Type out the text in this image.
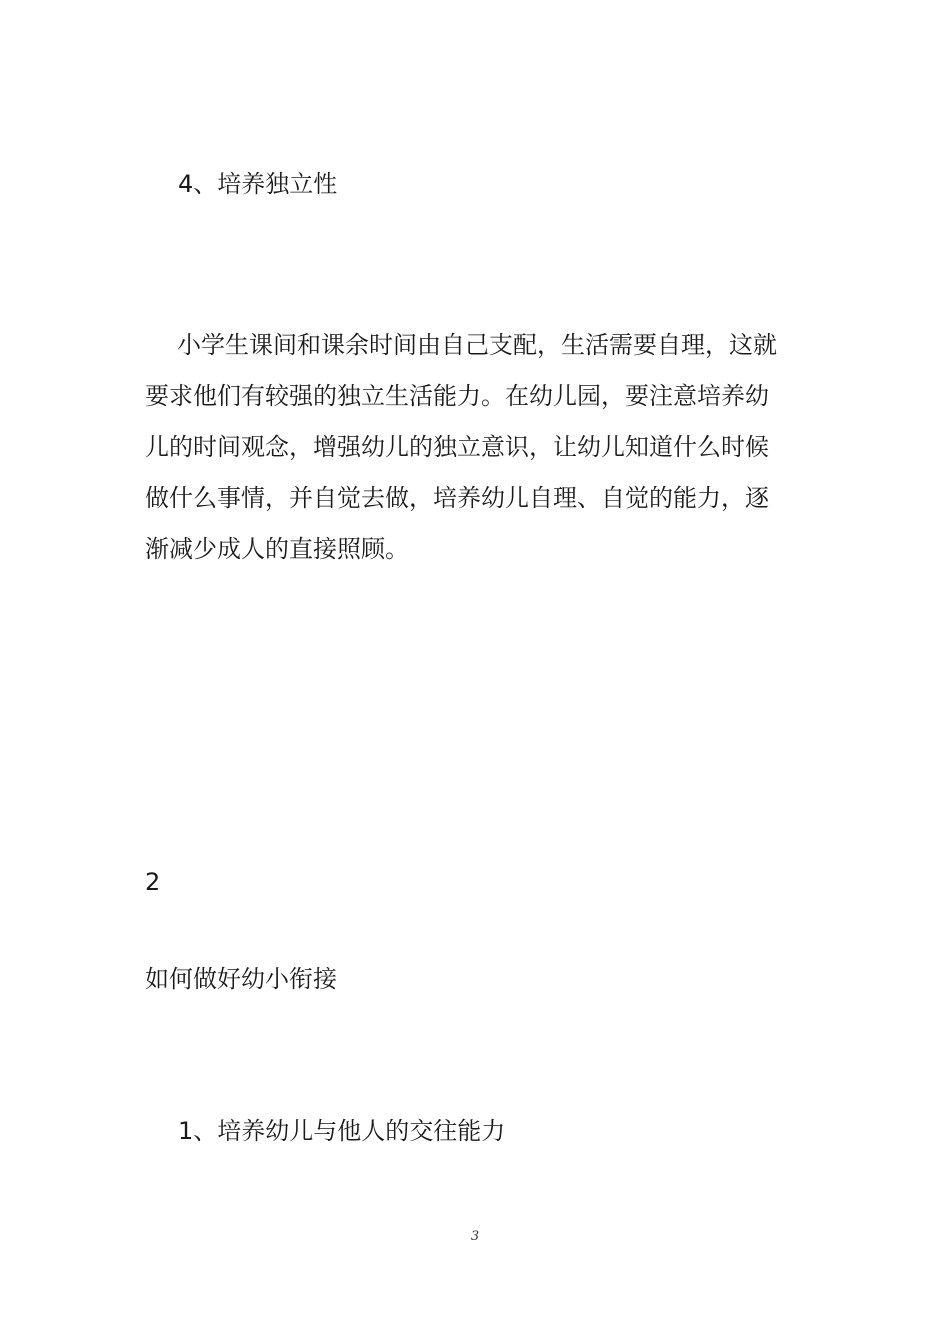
4、培养独立性
小学生课间和课余时间由自己支配，生活需要自理，这就
要求他们有较强的独立生活能力。在幼儿园，要注意培养幼
儿的时间观念，增强幼儿的独立意识，让幼儿知道什么时候
做什么事情，并自觉去做，培养幼儿自理、自觉的能力，逐
渐减少成人的直接照顾。
2
如何做好幼小衔接
1、培养幼儿与他人的交往能力
3
